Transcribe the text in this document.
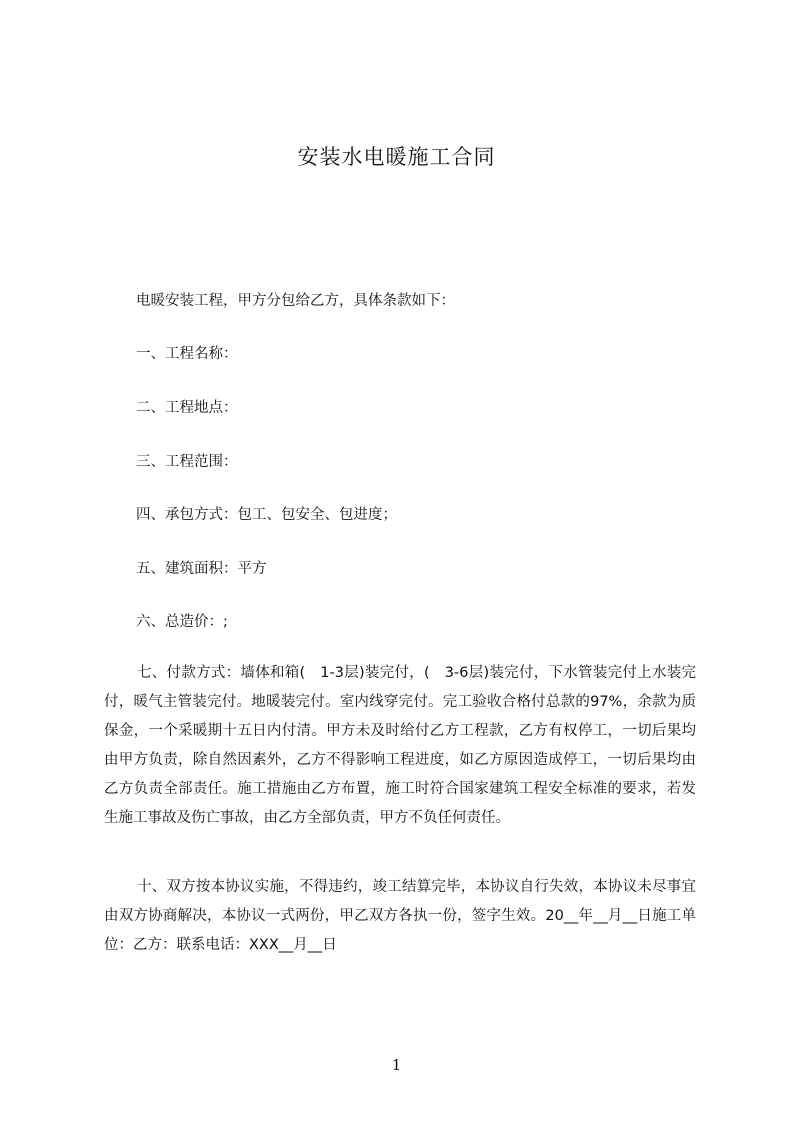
安装水电暖施工合同
电暖安装工程，甲方分包给乙方，具体条款如下：
一、工程名称：
二、工程地点：
三、工程范围：
四、承包方式：包工、包安全、包进度；
五、建筑面积：平方
六、总造价：;
七、付款方式：墙体和箱(　1-3层)装完付，(　3-6层)装完付，下水管装完付上水装完付，暖气主管装完付。地暖装完付。室内线穿完付。完工验收合格付总款的97%，余款为质保金，一个采暖期十五日内付清。甲方未及时给付乙方工程款，乙方有权停工，一切后果均由甲方负责，除自然因素外，乙方不得影响工程进度，如乙方原因造成停工，一切后果均由乙方负责全部责任。施工措施由乙方布置，施工时符合国家建筑工程安全标准的要求，若发生施工事故及伤亡事故，由乙方全部负责，甲方不负任何责任。
十、双方按本协议实施，不得违约，竣工结算完毕，本协议自行失效，本协议未尽事宜由双方协商解决，本协议一式两份，甲乙双方各执一份，签字生效。20__年__月__日施工单位：乙方：联系电话：XXX__月__日
1
